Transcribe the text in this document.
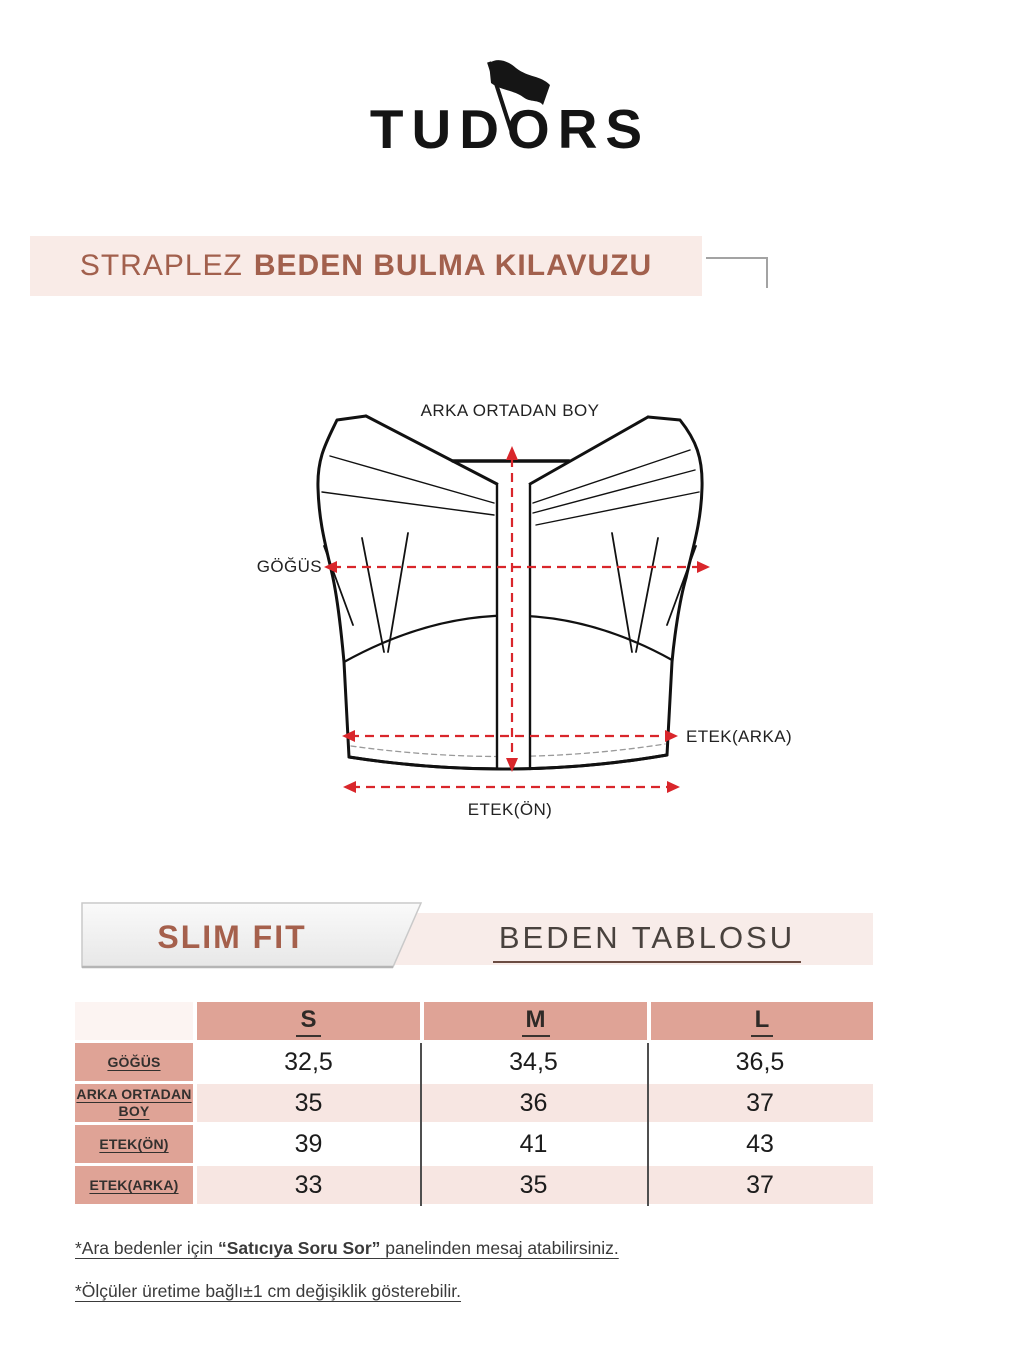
TUDORS
STRAPLEZ BEDEN BULMA KILAVUZU
ARKA ORTADAN BOY
GÖĞÜS
ETEK(ARKA)
ETEK(ÖN)
SLIM FIT	BEDEN TABLOSU
S	M	L
GÖĞÜS	32,5	34,5	36,5
ARKA ORTADAN BOY	35	36	37
ETEK(ÖN)	39	41	43
ETEK(ARKA)	33	35	37
*Ara bedenler için “Satıcıya Soru Sor” panelinden mesaj atabilirsiniz.
*Ölçüler üretime bağlı±1 cm değişiklik gösterebilir.
